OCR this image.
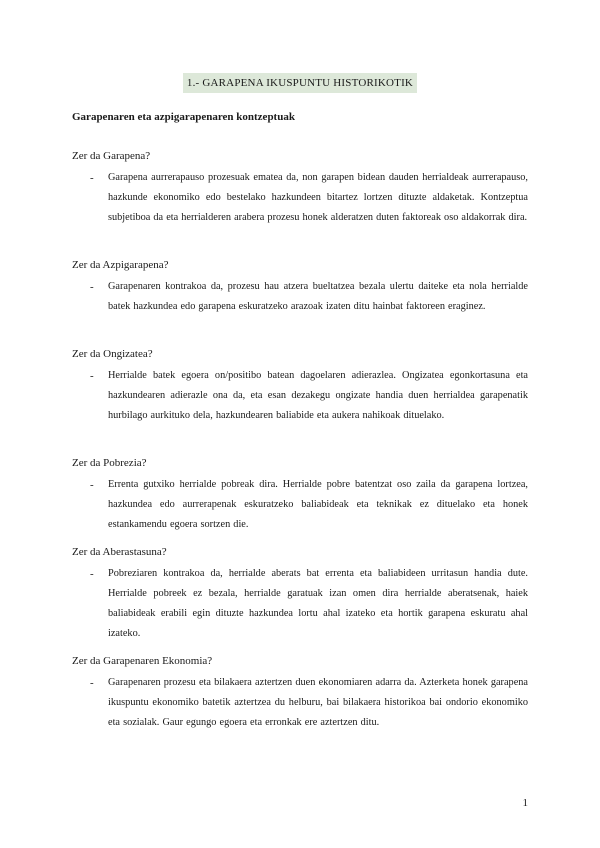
1.- GARAPENA IKUSPUNTU HISTORIKOTIK
Garapenaren eta azpigarapenaren kontzeptuak

Zer da Garapena?

- Garapena aurrerapauso prozesuak ematea da, non garapen bidean dauden herrialdeak aurrerapauso, hazkunde ekonomiko edo bestelako hazkundeen bitartez lortzen dituzte aldaketak. Kontzeptua subjetiboa da eta herrialderen arabera prozesu honek alderatzen duten faktoreak oso aldakorrak dira.

Zer da Azpigarapena?

- Garapenaren kontrakoa da, prozesu hau atzera bueltatzea bezala ulertu daiteke eta nola herrialde batek hazkundea edo garapena eskuratzeko arazoak izaten ditu hainbat faktoreen eraginez.

Zer da Ongizatea?

- Herrialde batek egoera on/positibo batean dagoelaren adierazlea. Ongizatea egonkortasuna eta hazkundearen adierazle ona da, eta esan dezakegu ongizate handia duen herrialdea garapenatik hurbilago aurkituko dela, hazkundearen baliabide eta aukera nahikoak dituelako.

Zer da Pobrezia?

- Errenta gutxiko herrialde pobreak dira. Herrialde pobre batentzat oso zaila da garapena lortzea, hazkundea edo aurrerapenak eskuratzeko baliabideak eta teknikak ez dituelako eta honek estankamendu egoera sortzen die.

Zer da Aberastasuna?

- Pobreziaren kontrakoa da, herrialde aberats bat errenta eta baliabideen urritasun handia dute. Herrialde pobreek ez bezala, herrialde garatuak izan omen dira herrialde aberatsenak, haiek baliabideak erabili egin dituzte hazkundea lortu ahal izateko eta hortik garapena eskuratu ahal izateko.

Zer da Garapenaren Ekonomia?

- Garapenaren prozesu eta bilakaera aztertzen duen ekonomiaren adarra da. Azterketa honek garapena ikuspuntu ekonomiko batetik aztertzea du helburu, bai bilakaera historikoa bai ondorio ekonomiko eta sozialak. Gaur egungo egoera eta erronkak ere aztertzen ditu.

1
